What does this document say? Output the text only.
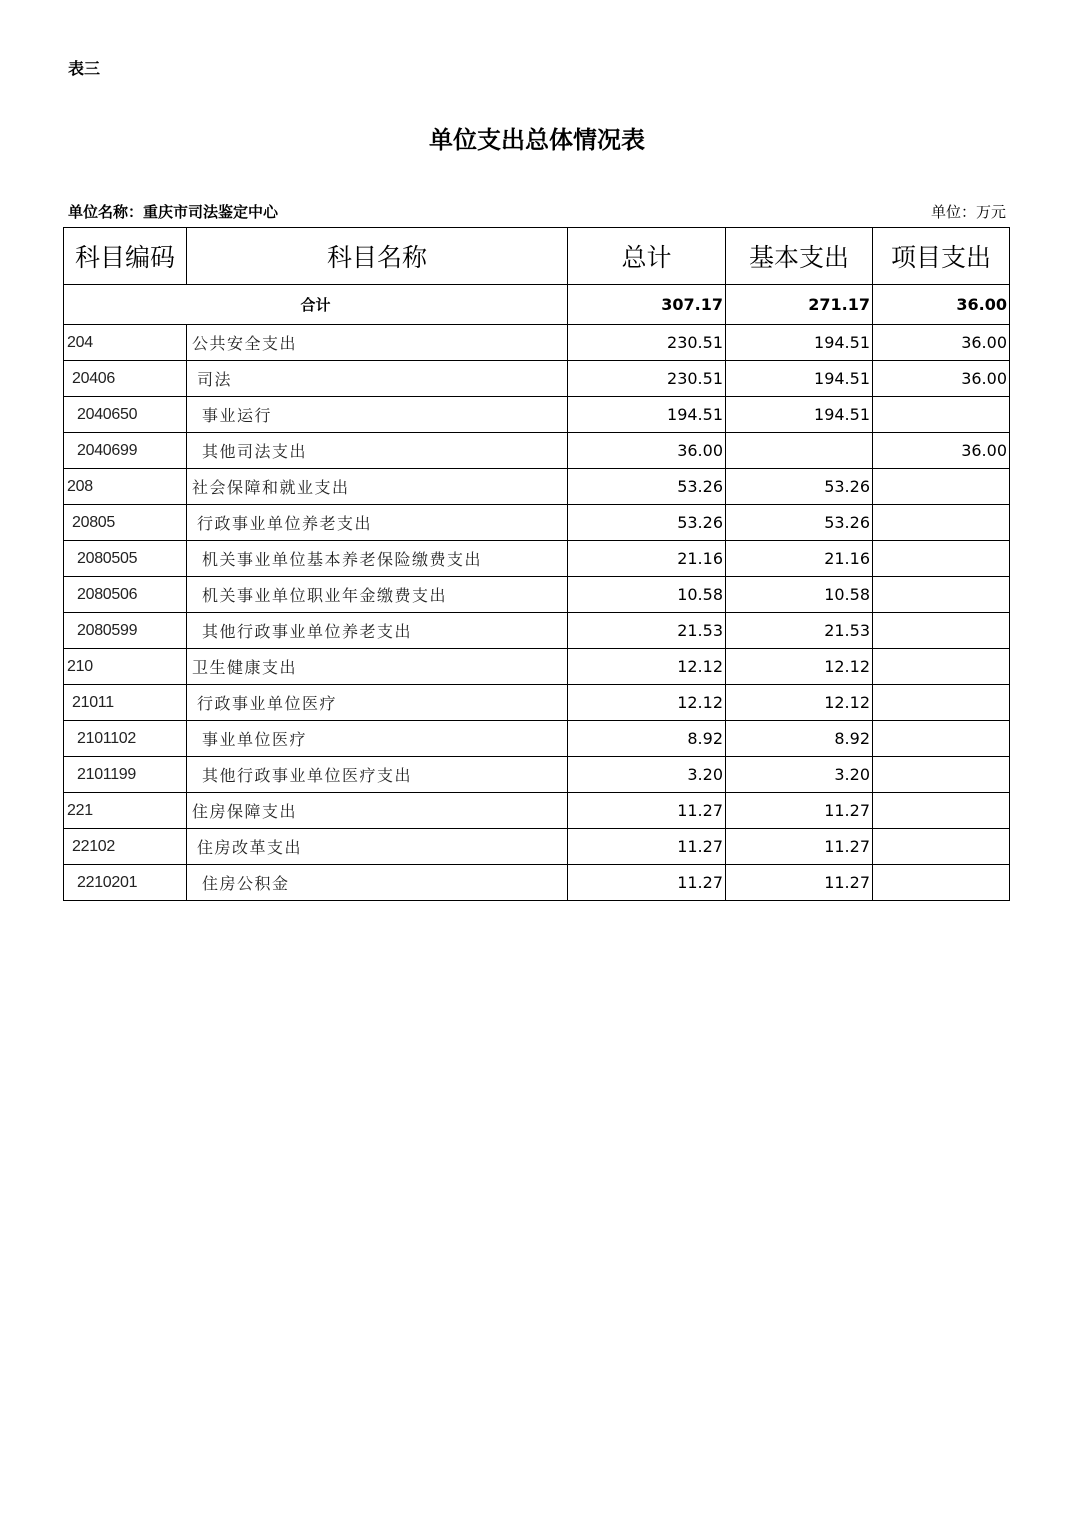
表三
单位支出总体情况表
单位名称：重庆市司法鉴定中心	单位：万元
科目编码	科目名称	总计	基本支出	项目支出
合计		307.17	271.17	36.00
204	公共安全支出	230.51	194.51	36.00
20406	司法	230.51	194.51	36.00
2040650	事业运行	194.51	194.51	
2040699	其他司法支出	36.00		36.00
208	社会保障和就业支出	53.26	53.26	
20805	行政事业单位养老支出	53.26	53.26	
2080505	机关事业单位基本养老保险缴费支出	21.16	21.16	
2080506	机关事业单位职业年金缴费支出	10.58	10.58	
2080599	其他行政事业单位养老支出	21.53	21.53	
210	卫生健康支出	12.12	12.12	
21011	行政事业单位医疗	12.12	12.12	
2101102	事业单位医疗	8.92	8.92	
2101199	其他行政事业单位医疗支出	3.20	3.20	
221	住房保障支出	11.27	11.27	
22102	住房改革支出	11.27	11.27	
2210201	住房公积金	11.27	11.27	
